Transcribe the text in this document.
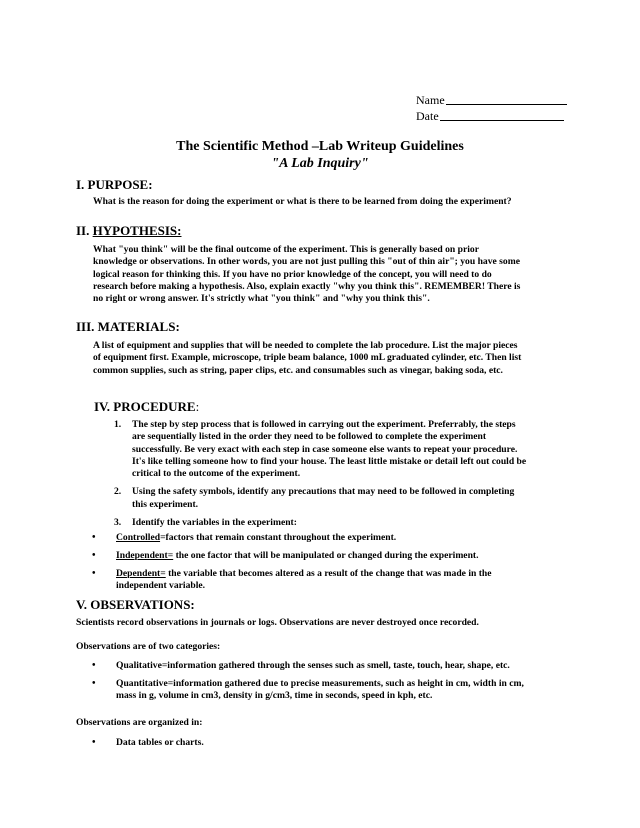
Name
Date
The Scientific Method –Lab Writeup Guidelines
"A Lab Inquiry"
I. PURPOSE:
What is the reason for doing the experiment or what is there to be learned from doing the experiment?
II. HYPOTHESIS:
What "you think" will be the final outcome of the experiment. This is generally based on prior
knowledge or observations. In other words, you are not just pulling this "out of thin air"; you have some
logical reason for thinking this. If you have no prior knowledge of the concept, you will need to do
research before making a hypothesis. Also, explain exactly "why you think this". REMEMBER! There is
no right or wrong answer. It's strictly what "you think" and "why you think this".
III. MATERIALS:
A list of equipment and supplies that will be needed to complete the lab procedure. List the major pieces
of equipment first. Example, microscope, triple beam balance, 1000 mL graduated cylinder, etc. Then list
common supplies, such as string, paper clips, etc. and consumables such as vinegar, baking soda, etc.
IV. PROCEDURE:
1. The step by step process that is followed in carrying out the experiment. Preferrably, the steps
are sequentially listed in the order they need to be followed to complete the experiment
successfully. Be very exact with each step in case someone else wants to repeat your procedure.
It's like telling someone how to find your house. The least little mistake or detail left out could be
critical to the outcome of the experiment.
2. Using the safety symbols, identify any precautions that may need to be followed in completing
this experiment.
3. Identify the variables in the experiment:
• Controlled=factors that remain constant throughout the experiment.
• Independent= the one factor that will be manipulated or changed during the experiment.
• Dependent= the variable that becomes altered as a result of the change that was made in the
independent variable.
V. OBSERVATIONS:
Scientists record observations in journals or logs. Observations are never destroyed once recorded.
Observations are of two categories:
• Qualitative=information gathered through the senses such as smell, taste, touch, hear, shape, etc.
• Quantitative=information gathered due to precise measurements, such as height in cm, width in cm,
mass in g, volume in cm3, density in g/cm3, time in seconds, speed in kph, etc.
Observations are organized in:
• Data tables or charts.
